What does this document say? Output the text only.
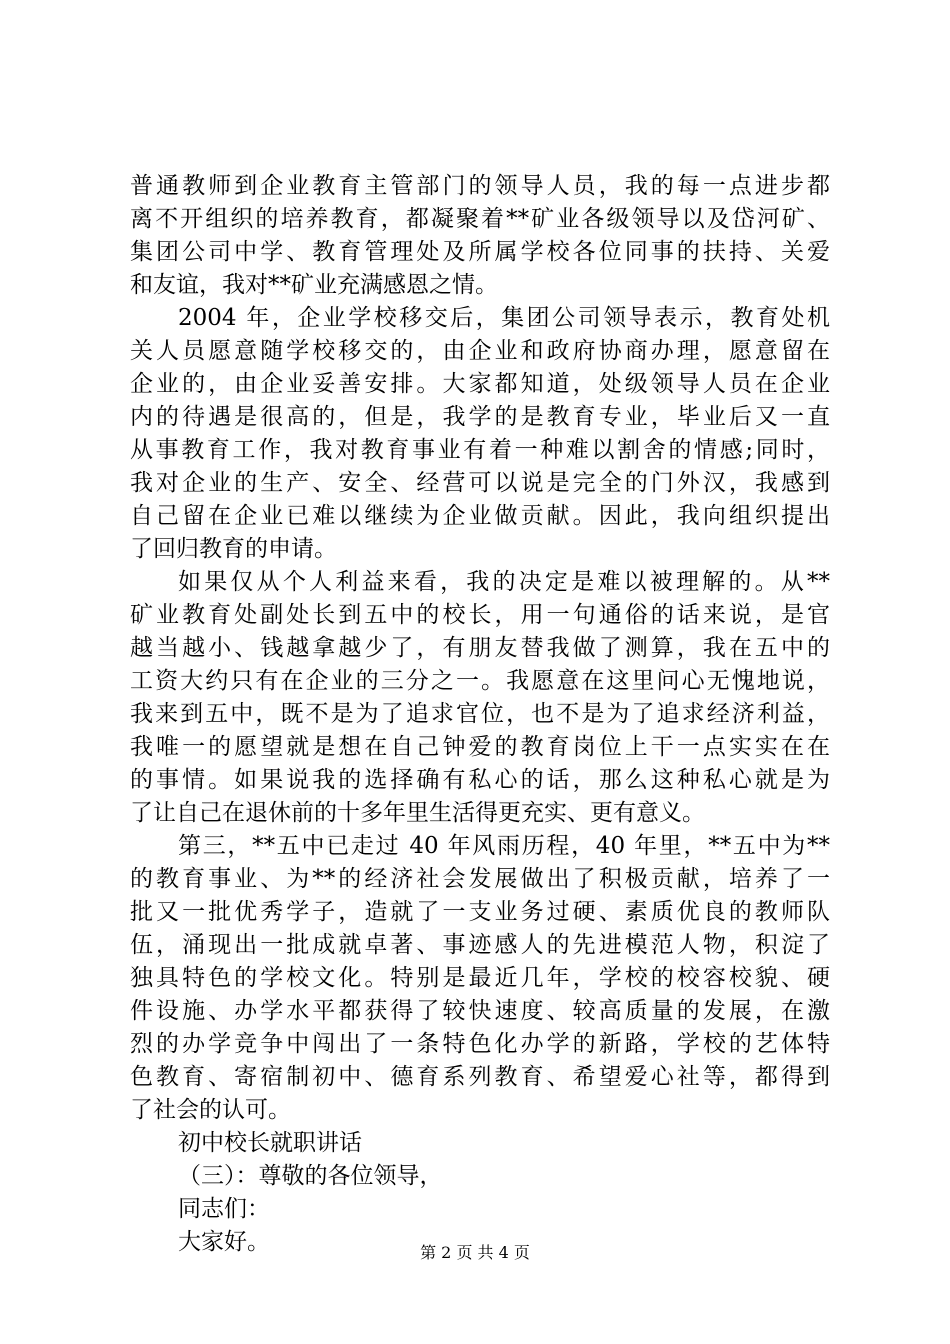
普通教师到企业教育主管部门的领导人员，我的每一点进步都
离不开组织的培养教育，都凝聚着**矿业各级领导以及岱河矿、
集团公司中学、教育管理处及所属学校各位同事的扶持、关爱
和友谊，我对**矿业充满感恩之情。
2004 年，企业学校移交后，集团公司领导表示，教育处机
关人员愿意随学校移交的，由企业和政府协商办理，愿意留在
企业的，由企业妥善安排。大家都知道，处级领导人员在企业
内的待遇是很高的，但是，我学的是教育专业，毕业后又一直
从事教育工作，我对教育事业有着一种难以割舍的情感;同时，
我对企业的生产、安全、经营可以说是完全的门外汉，我感到
自己留在企业已难以继续为企业做贡献。因此，我向组织提出
了回归教育的申请。
如果仅从个人利益来看，我的决定是难以被理解的。从**
矿业教育处副处长到五中的校长，用一句通俗的话来说，是官
越当越小、钱越拿越少了，有朋友替我做了测算，我在五中的
工资大约只有在企业的三分之一。我愿意在这里问心无愧地说，
我来到五中，既不是为了追求官位，也不是为了追求经济利益，
我唯一的愿望就是想在自己钟爱的教育岗位上干一点实实在在
的事情。如果说我的选择确有私心的话，那么这种私心就是为
了让自己在退休前的十多年里生活得更充实、更有意义。
第三，**五中已走过 40 年风雨历程，40 年里，**五中为**
的教育事业、为**的经济社会发展做出了积极贡献，培养了一
批又一批优秀学子，造就了一支业务过硬、素质优良的教师队
伍，涌现出一批成就卓著、事迹感人的先进模范人物，积淀了
独具特色的学校文化。特别是最近几年，学校的校容校貌、硬
件设施、办学水平都获得了较快速度、较高质量的发展，在激
烈的办学竞争中闯出了一条特色化办学的新路，学校的艺体特
色教育、寄宿制初中、德育系列教育、希望爱心社等，都得到
了社会的认可。
初中校长就职讲话
（三）：尊敬的各位领导，
同志们：
大家好。	第 2 页 共 4 页
